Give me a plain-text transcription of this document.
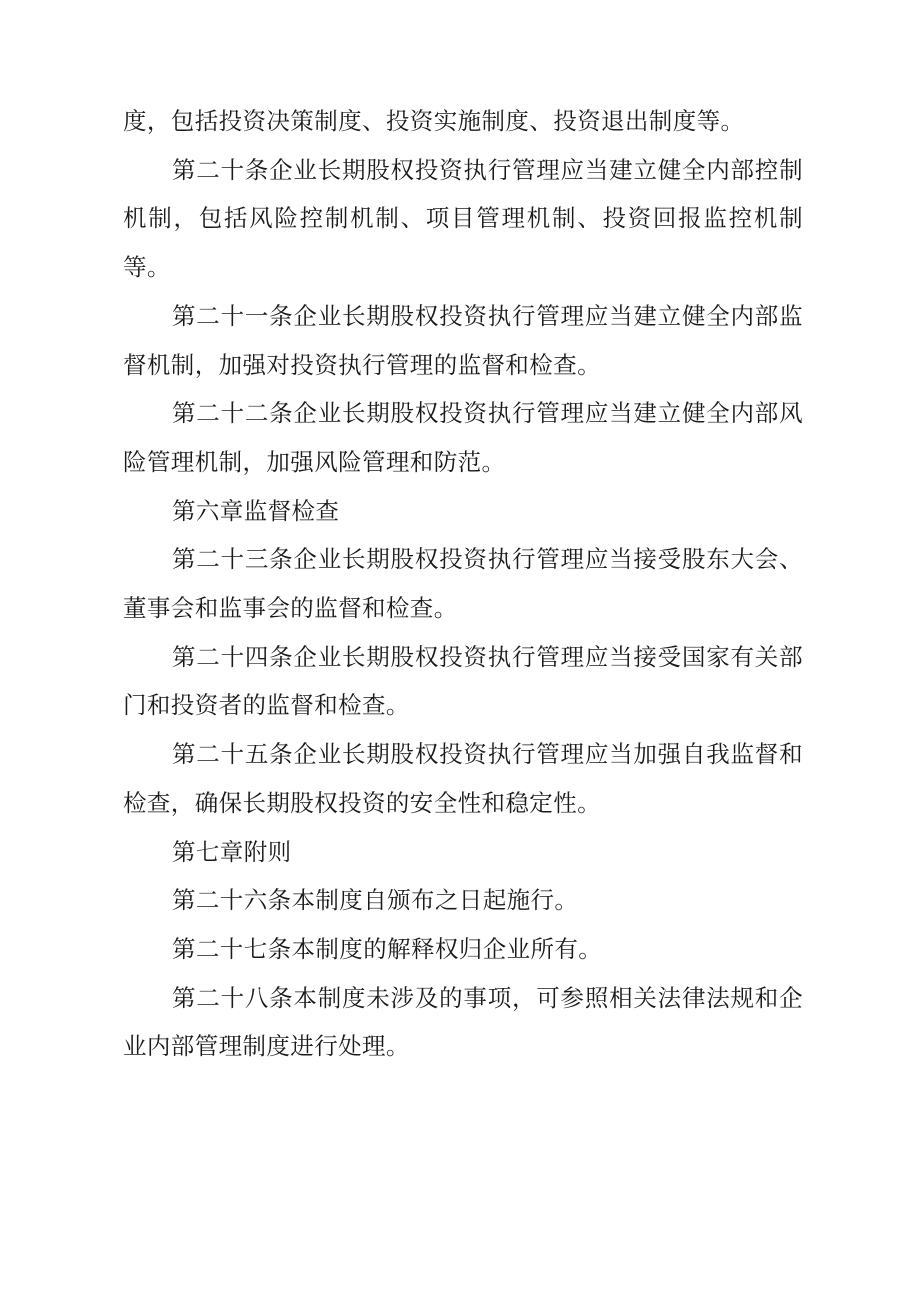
度，包括投资决策制度、投资实施制度、投资退出制度等。

第二十条企业长期股权投资执行管理应当建立健全内部控制机制，包括风险控制机制、项目管理机制、投资回报监控机制等。

第二十一条企业长期股权投资执行管理应当建立健全内部监督机制，加强对投资执行管理的监督和检查。

第二十二条企业长期股权投资执行管理应当建立健全内部风险管理机制，加强风险管理和防范。

第六章监督检查

第二十三条企业长期股权投资执行管理应当接受股东大会、董事会和监事会的监督和检查。

第二十四条企业长期股权投资执行管理应当接受国家有关部门和投资者的监督和检查。

第二十五条企业长期股权投资执行管理应当加强自我监督和检查，确保长期股权投资的安全性和稳定性。

第七章附则

第二十六条本制度自颁布之日起施行。

第二十七条本制度的解释权归企业所有。

第二十八条本制度未涉及的事项，可参照相关法律法规和企业内部管理制度进行处理。
